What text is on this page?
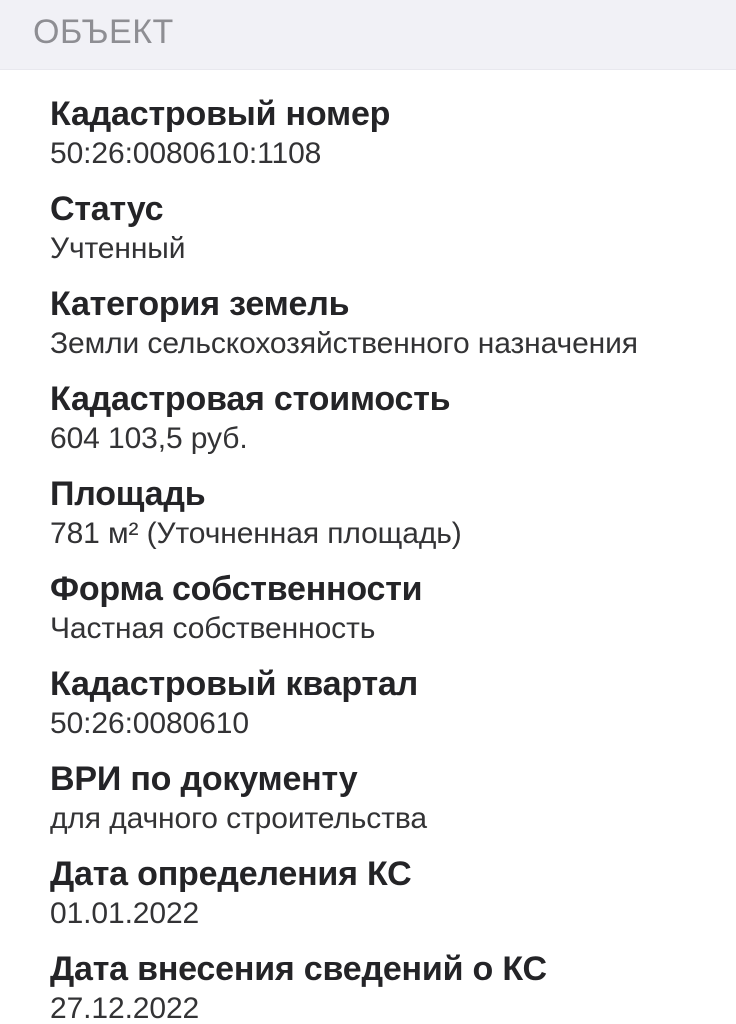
ОБЪЕКТ
Кадастровый номер
50:26:0080610:1108
Статус
Учтенный
Категория земель
Земли сельскохозяйственного назначения
Кадастровая стоимость
604 103,5 руб.
Площадь
781 м² (Уточненная площадь)
Форма собственности
Частная собственность
Кадастровый квартал
50:26:0080610
ВРИ по документу
для дачного строительства
Дата определения КС
01.01.2022
Дата внесения сведений о КС
27.12.2022
